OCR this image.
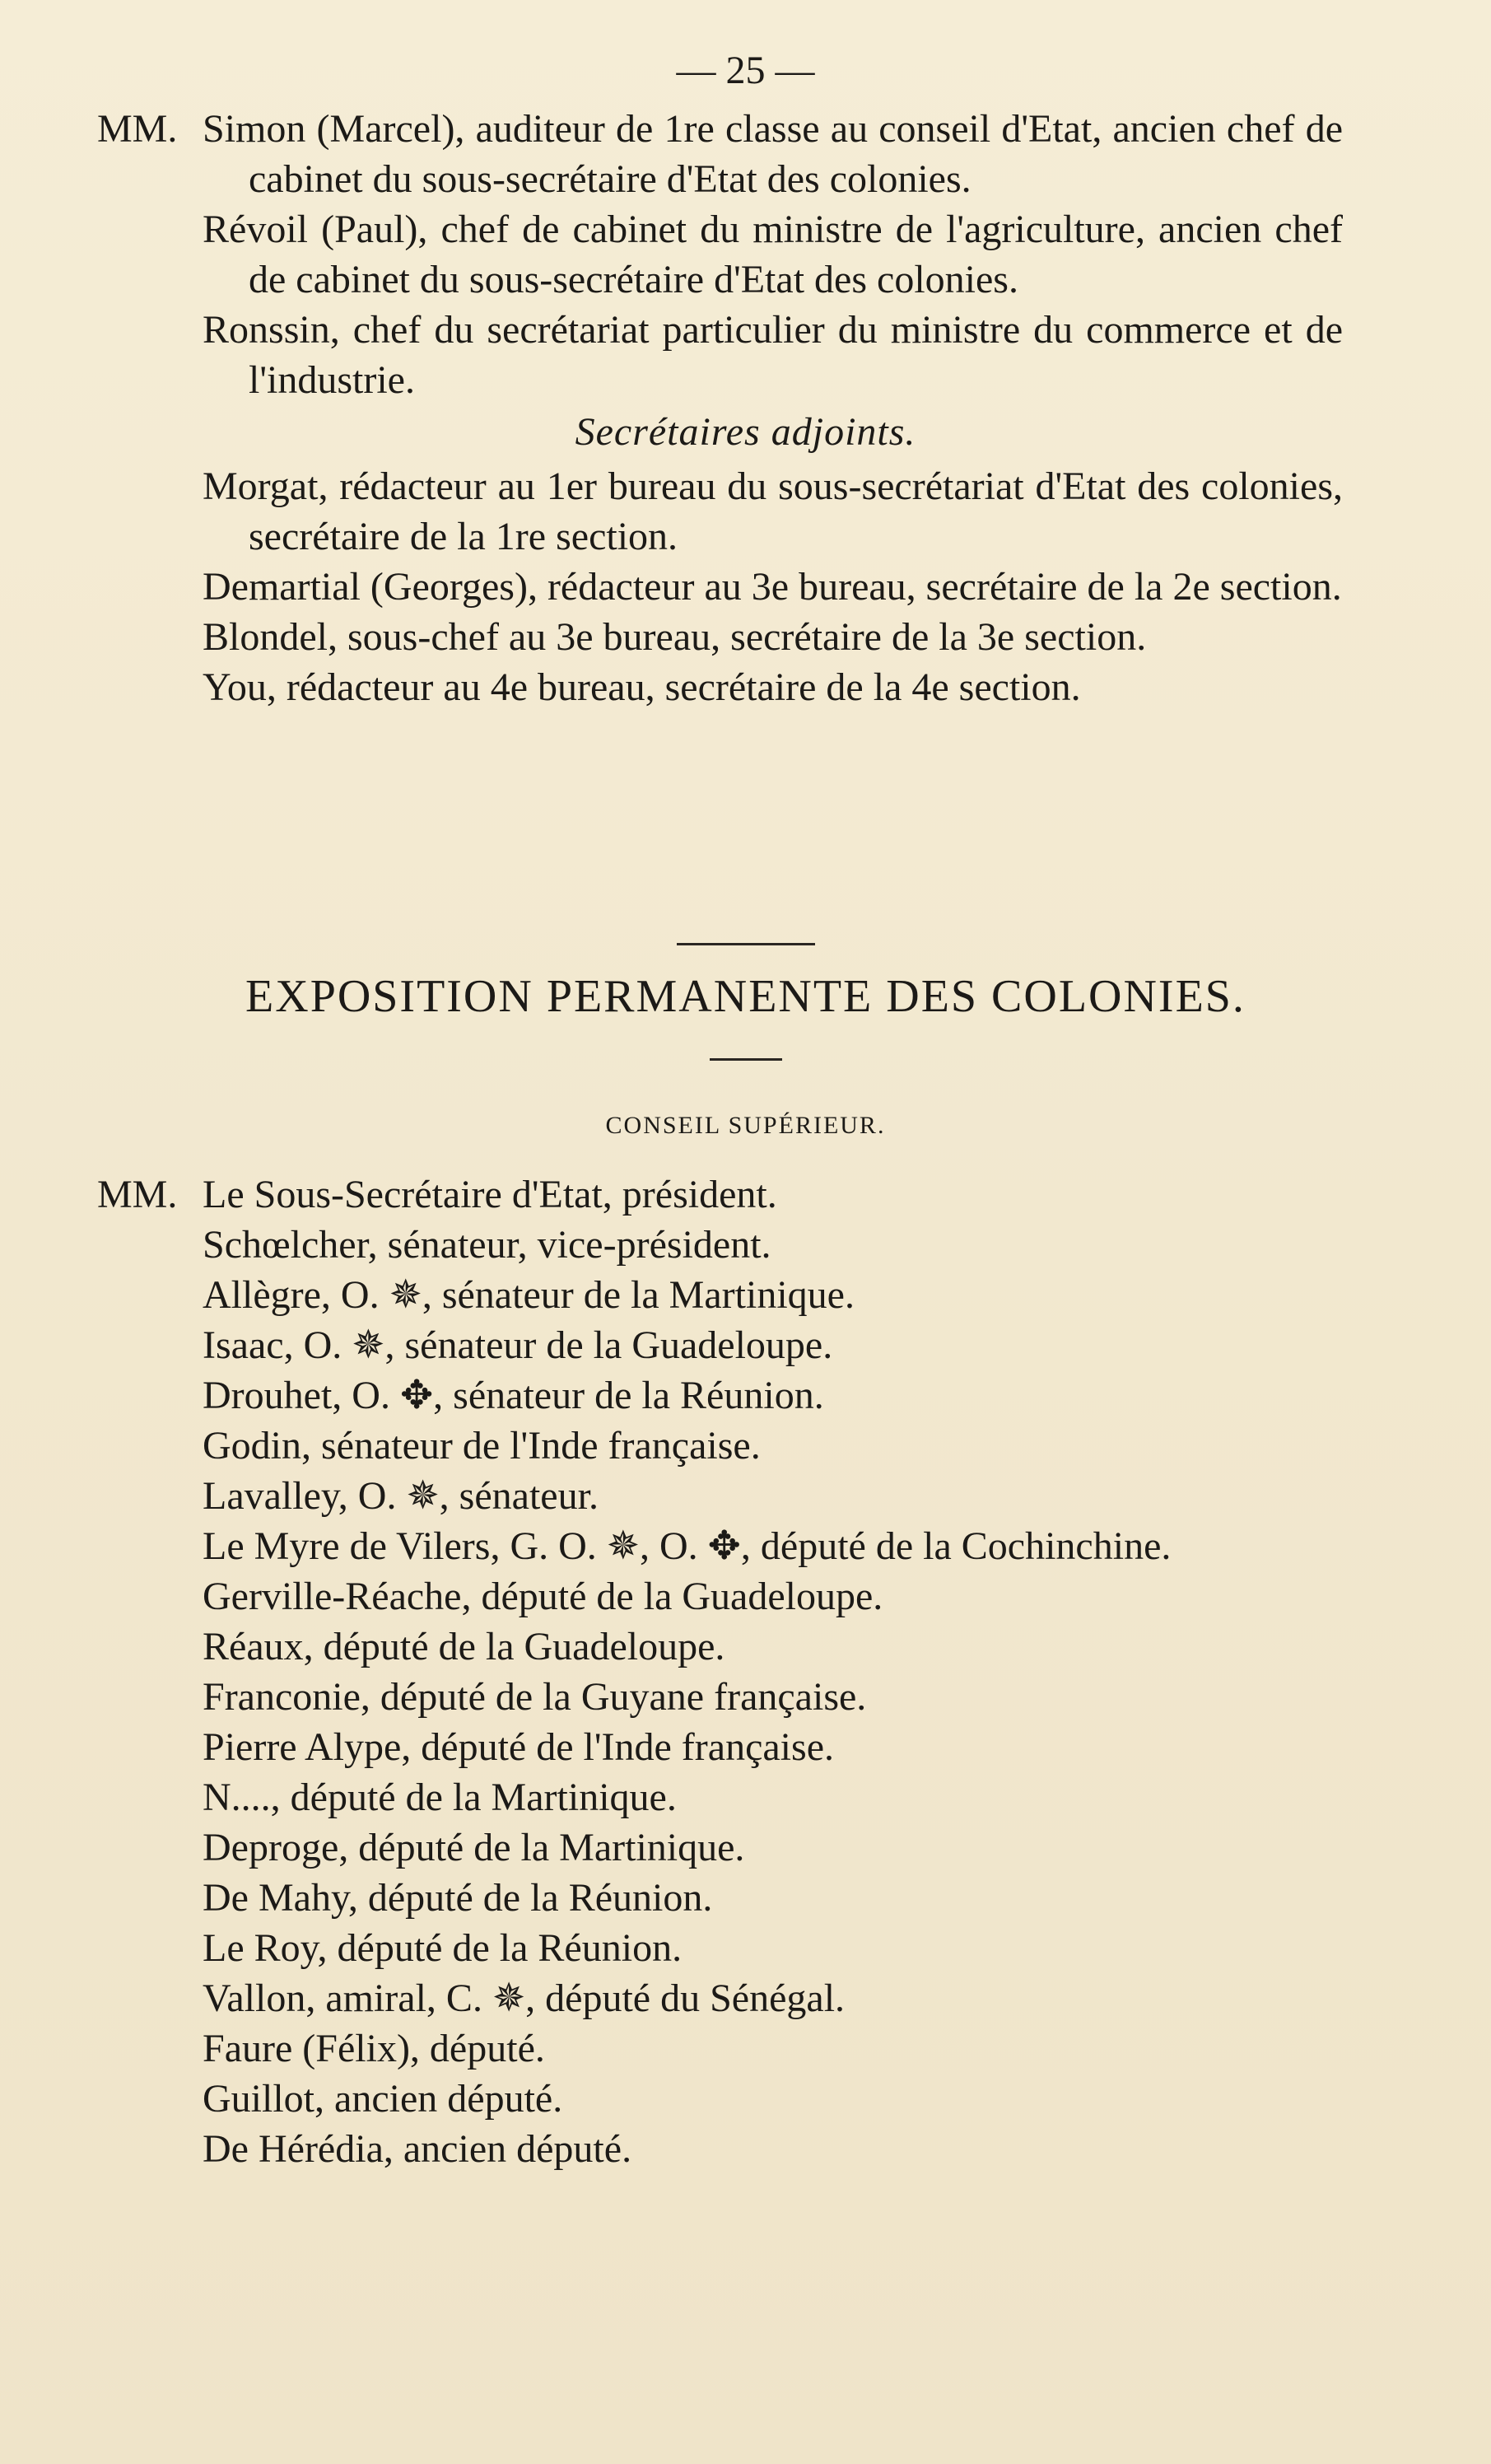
— 25 —

MM. Simon (Marcel), auditeur de 1re classe au conseil d'Etat, ancien chef de cabinet du sous-secrétaire d'Etat des colonies.

Révoil (Paul), chef de cabinet du ministre de l'agriculture, ancien chef de cabinet du sous-secrétaire d'Etat des colonies.

Ronssin, chef du secrétariat particulier du ministre du commerce et de l'industrie.

Secrétaires adjoints.

Morgat, rédacteur au 1er bureau du sous-secrétariat d'Etat des colonies, secrétaire de la 1re section.

Demartial (Georges), rédacteur au 3e bureau, secrétaire de la 2e section.

Blondel, sous-chef au 3e bureau, secrétaire de la 3e section.

You, rédacteur au 4e bureau, secrétaire de la 4e section.

EXPOSITION PERMANENTE DES COLONIES.
CONSEIL SUPÉRIEUR.

MM. Le Sous-Secrétaire d'Etat, président.

Schœlcher, sénateur, vice-président.

Allègre, O. ✵, sénateur de la Martinique.

Isaac, O. ✵, sénateur de la Guadeloupe.

Drouhet, O. ✥, sénateur de la Réunion.

Godin, sénateur de l'Inde française.

Lavalley, O. ✵, sénateur.

Le Myre de Vilers, G. O. ✵, O. ✥, député de la Cochinchine.

Gerville-Réache, député de la Guadeloupe.

Réaux, député de la Guadeloupe.

Franconie, député de la Guyane française.

Pierre Alype, député de l'Inde française.

N...., député de la Martinique.

Deproge, député de la Martinique.

De Mahy, député de la Réunion.

Le Roy, député de la Réunion.

Vallon, amiral, C. ✵, député du Sénégal.

Faure (Félix), député.

Guillot, ancien député.

De Hérédia, ancien député.
